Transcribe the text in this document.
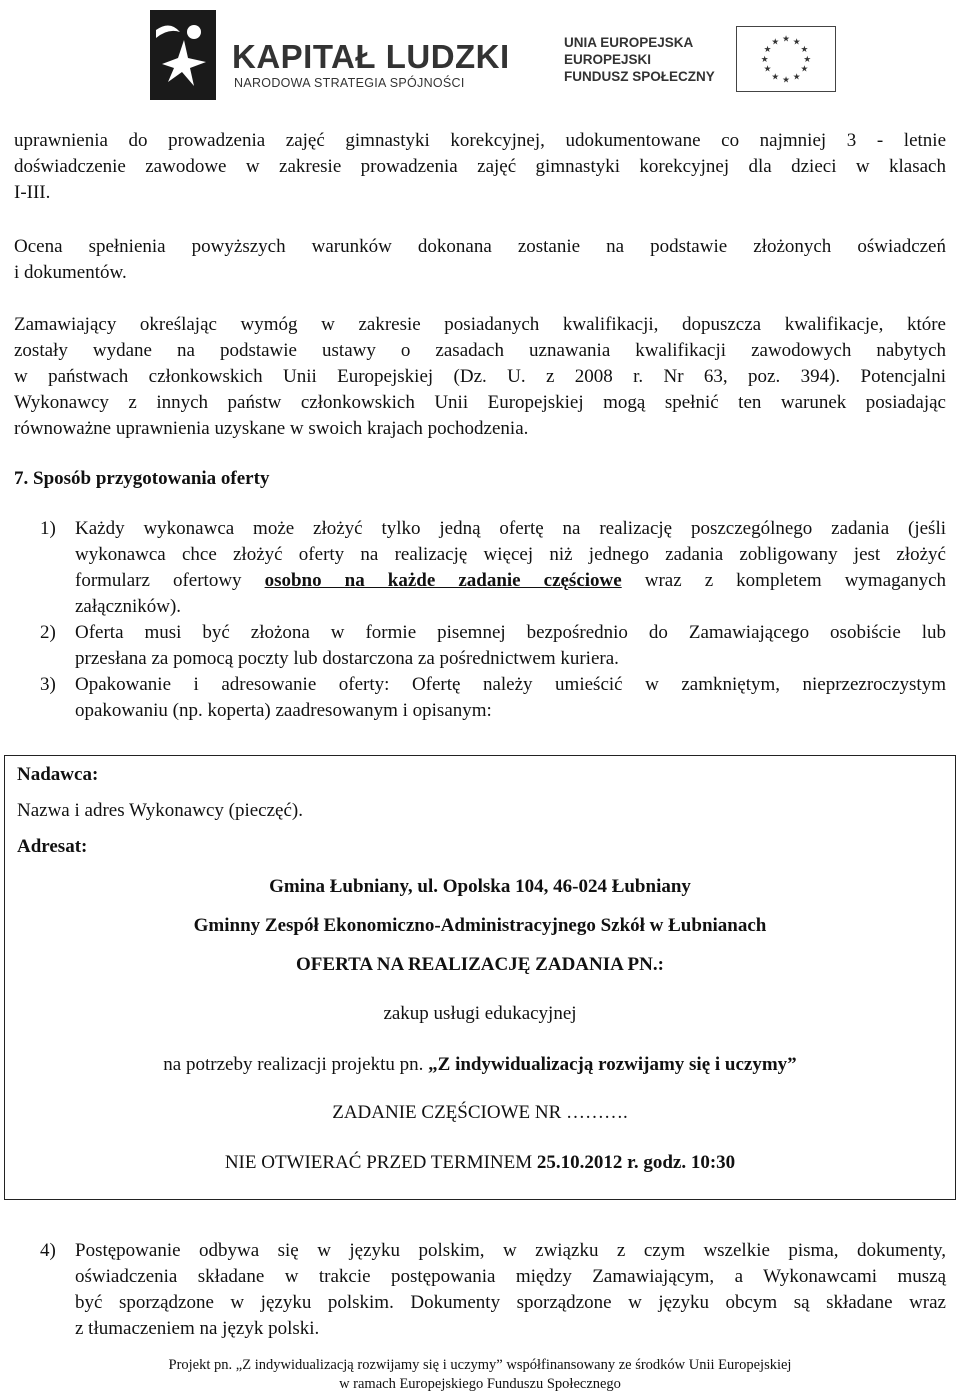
KAPITAŁ LUDZKI
NARODOWA STRATEGIA SPÓJNOŚCI
UNIA EUROPEJSKA
EUROPEJSKI
FUNDUSZ SPOŁECZNY
★ ★
★
★
★
★
★
★
★
★
★
★
uprawnienia do prowadzenia zajęć gimnastyki korekcyjnej, udokumentowane co najmniej 3 - letnie
doświadczenie zawodowe w zakresie prowadzenia zajęć gimnastyki korekcyjnej dla dzieci w klasach
I-III.
Ocena spełnienia powyższych warunków dokonana zostanie na podstawie złożonych oświadczeń
i dokumentów.
Zamawiający określając wymóg w zakresie posiadanych kwalifikacji, dopuszcza kwalifikacje, które
zostały wydane na podstawie ustawy o zasadach uznawania kwalifikacji zawodowych nabytych
w państwach członkowskich Unii Europejskiej (Dz. U. z 2008 r. Nr 63, poz. 394). Potencjalni
Wykonawcy z innych państw członkowskich Unii Europejskiej mogą spełnić ten warunek posiadając
równoważne uprawnienia uzyskane w swoich krajach pochodzenia.
7. Sposób przygotowania oferty
1) Każdy wykonawca może złożyć tylko jedną ofertę na realizację poszczególnego zadania (jeśli
wykonawca chce złożyć oferty na realizację więcej niż jednego zadania zobligowany jest złożyć
formularz ofertowy osobno na każde zadanie częściowe wraz z kompletem wymaganych
załączników).
2) Oferta musi być złożona w formie pisemnej bezpośrednio do Zamawiającego osobiście lub
przesłana za pomocą poczty lub dostarczona za pośrednictwem kuriera.
3) Opakowanie i adresowanie oferty: Ofertę należy umieścić w zamkniętym, nieprzezroczystym
opakowaniu (np. koperta) zaadresowanym i opisanym:
Nadawca:
Nazwa i adres Wykonawcy (pieczęć).
Adresat:
Gmina Łubniany, ul. Opolska 104, 46-024 Łubniany
Gminny Zespół Ekonomiczno-Administracyjnego Szkół w Łubnianach
OFERTA NA REALIZACJĘ ZADANIA PN.:
zakup usługi edukacyjnej
na potrzeby realizacji projektu pn. „Z indywidualizacją rozwijamy się i uczymy”
ZADANIE CZĘŚCIOWE NR ……….
NIE OTWIERAĆ PRZED TERMINEM 25.10.2012 r. godz. 10:30
4) Postępowanie odbywa się w języku polskim, w związku z czym wszelkie pisma, dokumenty,
oświadczenia składane w trakcie postępowania między Zamawiającym, a Wykonawcami muszą
być sporządzone w języku polskim. Dokumenty sporządzone w języku obcym są składane wraz
z tłumaczeniem na język polski.
Projekt pn. „Z indywidualizacją rozwijamy się i uczymy” współfinansowany ze środków Unii Europejskiej
w ramach Europejskiego Funduszu Społecznego
